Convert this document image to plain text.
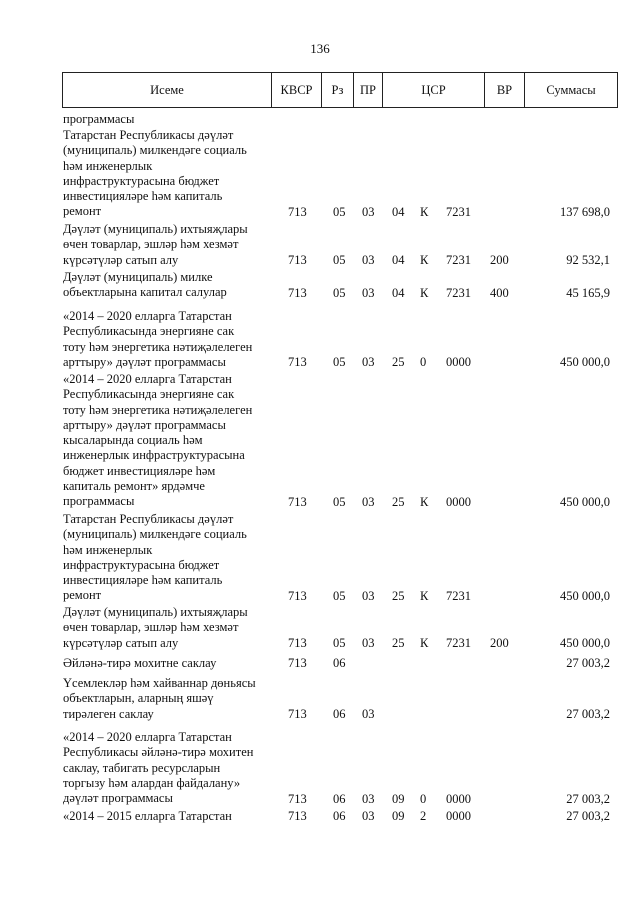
136
Исеме	КВСР	Рз	ПР	ЦСР	ВР	Суммасы
программасы
Татарстан Республикасы дәүләт
(муниципаль) милкендәге социаль
һәм инженерлык
инфраструктурасына бюджет
инвестицияләре һәм капиталь
ремонт	713 05 03 04 К 7231	137 698,0
Дәүләт (муниципаль) ихтыяҗлары
өчен товарлар, эшләр һәм хезмәт
күрсәтүләр сатып алу	713 05 03 04 К 7231 200	92 532,1
Дәүләт (муниципаль) милке
объектларына капитал салулар	713 05 03 04 К 7231 400	45 165,9
«2014 – 2020 елларга Татарстан
Республикасында энергияне сак
тоту һәм энергетика нәтиҗәлелеген
арттыру» дәүләт программасы	713 05 03 25 0 0000	450 000,0
«2014 – 2020 елларга Татарстан
Республикасында энергияне сак
тоту һәм энергетика нәтиҗәлелеген
арттыру» дәүләт программасы
кысаларында социаль һәм
инженерлык инфраструктурасына
бюджет инвестицияләре һәм
капиталь ремонт» ярдәмче
программасы	713 05 03 25 К 0000	450 000,0
Татарстан Республикасы дәүләт
(муниципаль) милкендәге социаль
һәм инженерлык
инфраструктурасына бюджет
инвестицияләре һәм капиталь
ремонт	713 05 03 25 К 7231	450 000,0
Дәүләт (муниципаль) ихтыяҗлары
өчен товарлар, эшләр һәм хезмәт
күрсәтүләр сатып алу	713 05 03 25 К 7231 200	450 000,0
Әйләнә-тирә мохитне саклау	713 06	27 003,2
Үсемлекләр һәм хайваннар дөньясы
объектларын, аларның яшәү
тирәлеген саклау	713 06 03	27 003,2
«2014 – 2020 елларга Татарстан
Республикасы әйләнә-тирә мохитен
саклау, табигать ресурсларын
торгызу һәм алардан файдалану»
дәүләт программасы	713 06 03 09 0 0000	27 003,2
«2014 – 2015 елларга Татарстан	713 06 03 09 2 0000	27 003,2
